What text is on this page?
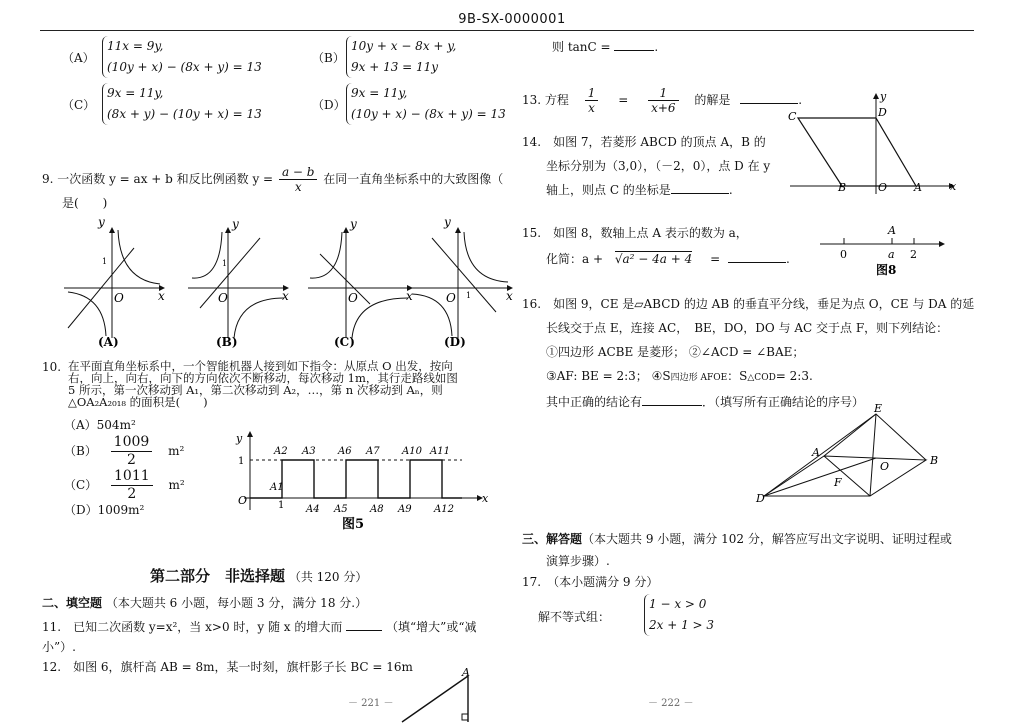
9B-SX-0000001
（A）
11x = 9y,
(10y + x) − (8x + y) = 13
（B）
10y + x − 8x + y,
9x + 13 = 11y
（C）
9x = 11y,
(8x + y) − (10y + x) = 13
（D）
9x = 11y,
(10y + x) − (8x + y) = 13
9. 一次函数 y = ax + b 和反比例函数 $y = \frac{a - b}{x}$ 在同一直角坐标系中的大致图像（
是(　　)
y
x
O
1
(A)
y
x
O
1
(B)
y
x
O
(C)
y
x
O 1
(D)
10. 在平面直角坐标系中，一个智能机器人接到如下指令：从原点 O 出发，按向
右，向上，向右，向下的方向依次不断移动，每次移动 1m，其行走路线如图
5 所示，第一次移动到 A₁，第二次移动到 A₂，…，第 n 次移动到 Aₙ，则
△OA₂A₂₀₁₈ 的面积是(　　)
（A）504m²
$(B) \frac{1009}{2} m^2$
$(C) \frac{1011}{2} m^2$
（D）1009m²
y
x
O
1
1
A1
A2 A3
A4 A5
A6 A7
A8 A9
A10 A11
A12
图5
第二部分　非选择题 （共 120 分）
二、填空题 （本大题共 6 小题，每小题 3 分，满分 18 分.）
11.　已知二次函数 y=x²，当 x>0 时，y 随 x 的增大而	（填“增大”或“减
小”）.
12.　如图 6，旗杆高 AB = 8m，某一时刻，旗杆影子长 BC = 16m	A
－ 221 －	－ 222 －
则 tanC =	.
13. 方程 $\frac{1}{x} = \frac{1}{x+6}$ 的解是	.
14.　如图 7，若菱形 ABCD 的顶点 A，B 的
坐标分别为（3,0），（－2，0），点 D 在 y
轴上，则点 C 的坐标是	.
C	D
y
x
B	O A
15.　如图 8，数轴上点 A 表示的数为 a，
化简：a + √a² − 4a + 4 =	.
A
0	a 2
图8
16.　如图 9，CE 是▱ABCD 的边 AB 的垂直平分线，垂足为点 O，CE 与 DA 的延
长线交于点 E，连接 AC，　BE，DO，DO 与 AC 交于点 F，则下列结论：
①四边形 ACBE 是菱形； ②∠ACD = ∠BAE；
③AF: BE = 2:3； ④S四边形 AFOE：S△COD= 2:3.
其中正确的结论有	．（填写所有正确结论的序号） E
A
O	B
F
D
三、解答题（本大题共 9 小题，满分 102 分，解答应写出文字说明、证明过程或
演算步骤）.
17.　（本小题满分 9 分）
解不等式组：
1 − x > 0
2x + 1 > 3
